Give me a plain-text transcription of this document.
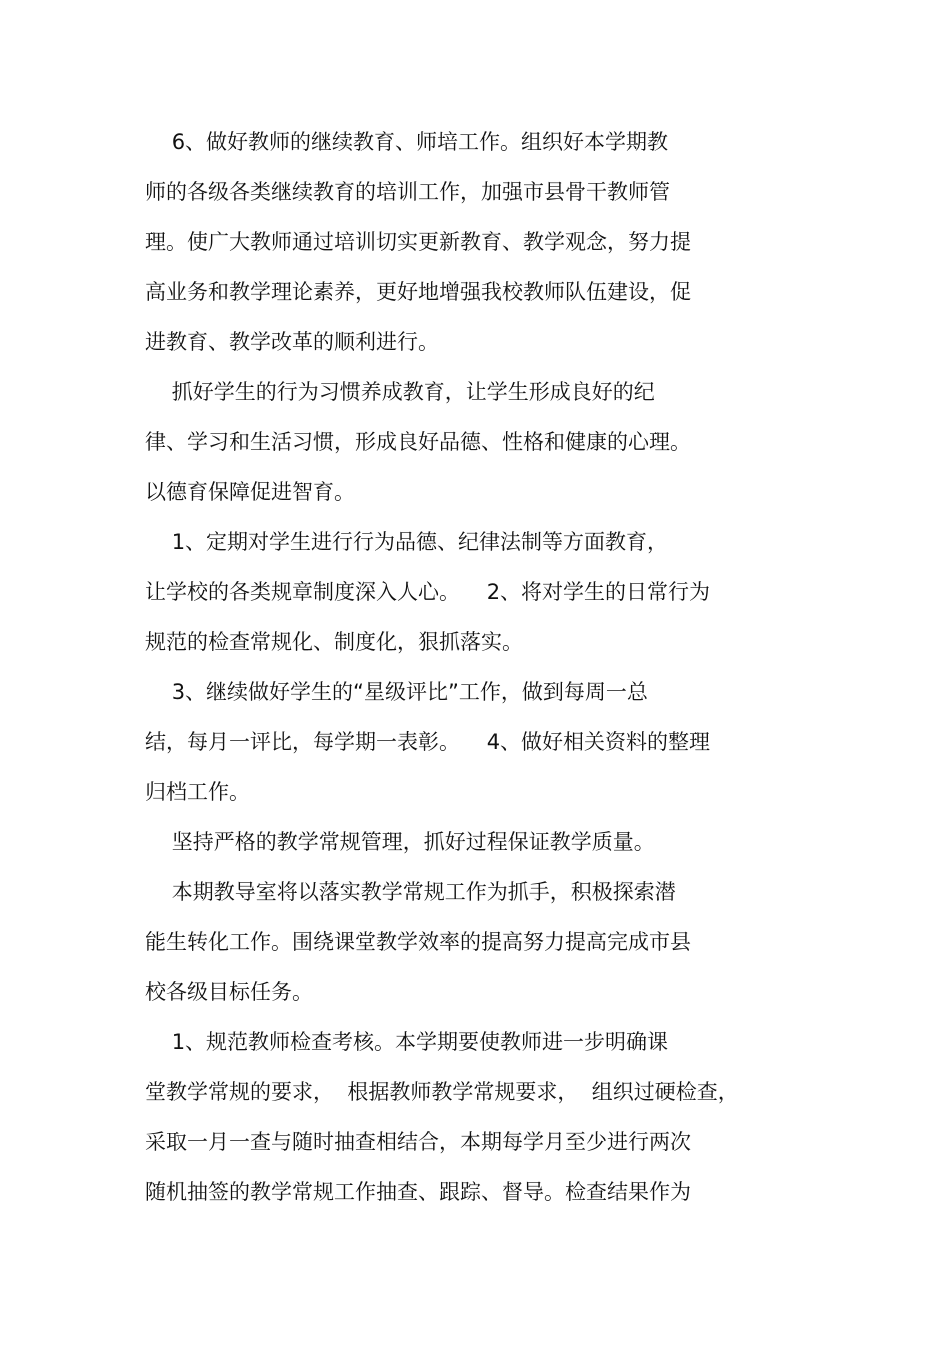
6、做好教师的继续教育、师培工作。组织好本学期教
师的各级各类继续教育的培训工作，加强市县骨干教师管
理。使广大教师通过培训切实更新教育、教学观念，努力提
高业务和教学理论素养，更好地增强我校教师队伍建设，促
进教育、教学改革的顺利进行。
抓好学生的行为习惯养成教育，让学生形成良好的纪
律、学习和生活习惯，形成良好品德、性格和健康的心理。
以德育保障促进智育。
1、定期对学生进行行为品德、纪律法制等方面教育，
让学校的各类规章制度深入人心。    2、将对学生的日常行为
规范的检查常规化、制度化，狠抓落实。
3、继续做好学生的“星级评比”工作，做到每周一总
结，每月一评比，每学期一表彰。    4、做好相关资料的整理
归档工作。
坚持严格的教学常规管理，抓好过程保证教学质量。
本期教导室将以落实教学常规工作为抓手，积极探索潜
能生转化工作。围绕课堂教学效率的提高努力提高完成市县
校各级目标任务。
1、规范教师检查考核。本学期要使教师进一步明确课
堂教学常规的要求，  根据教师教学常规要求，  组织过硬检查，
采取一月一查与随时抽查相结合，本期每学月至少进行两次
随机抽签的教学常规工作抽查、跟踪、督导。检查结果作为
